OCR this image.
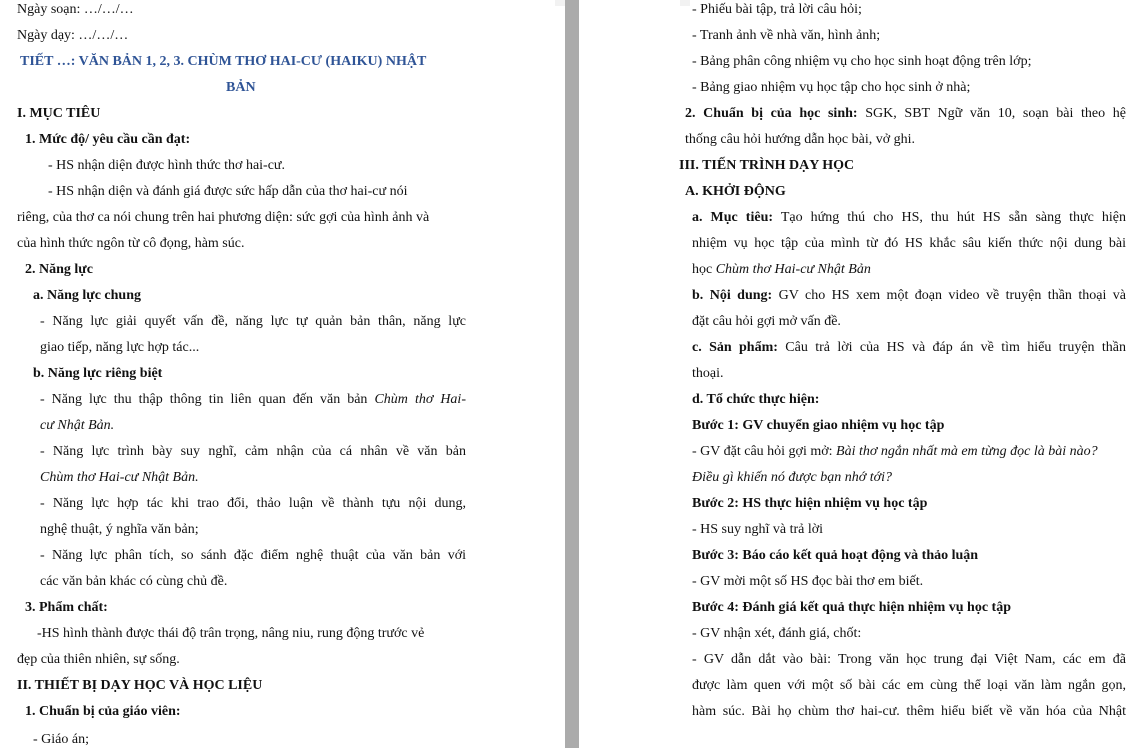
Ngày soạn: …/…/…
Ngày dạy: …/…/…
TIẾT …: VĂN BẢN 1, 2, 3. CHÙM THƠ HAI-CƯ (HAIKU) NHẬT
BẢN
I. MỤC TIÊU
1. Mức độ/ yêu cầu cần đạt:
- HS nhận diện được hình thức thơ hai-cư.
- HS nhận diện và đánh giá được sức hấp dẫn của thơ hai-cư nói
riêng, của thơ ca nói chung trên hai phương diện: sức gợi của hình ảnh và
của hình thức ngôn từ cô đọng, hàm súc.
2. Năng lực
a. Năng lực chung
- Năng lực giải quyết vấn đề, năng lực tự quản bản thân, năng lực
giao tiếp, năng lực hợp tác...
b. Năng lực riêng biệt
- Năng lực thu thập thông tin liên quan đến văn bản Chùm thơ Hai-
cư Nhật Bản.
- Năng lực trình bày suy nghĩ, cảm nhận của cá nhân về văn bản
Chùm thơ Hai-cư Nhật Bản.
- Năng lực hợp tác khi trao đổi, thảo luận về thành tựu nội dung,
nghệ thuật, ý nghĩa văn bản;
- Năng lực phân tích, so sánh đặc điểm nghệ thuật của văn bản với
các văn bản khác có cùng chủ đề.
3. Phẩm chất:
-HS hình thành được thái độ trân trọng, nâng niu, rung động trước vẻ
đẹp của thiên nhiên, sự sống.
II. THIẾT BỊ DẠY HỌC VÀ HỌC LIỆU
1. Chuẩn bị của giáo viên:
- Giáo án;
- Phiếu bài tập, trả lời câu hỏi;
- Tranh ảnh về nhà văn, hình ảnh;
- Bảng phân công nhiệm vụ cho học sinh hoạt động trên lớp;
- Bảng giao nhiệm vụ học tập cho học sinh ở nhà;
2. Chuẩn bị của học sinh: SGK, SBT Ngữ văn 10, soạn bài theo hệ
thống câu hỏi hướng dẫn học bài, vở ghi.
III. TIẾN TRÌNH DẠY HỌC
A. KHỞI ĐỘNG
a. Mục tiêu: Tạo hứng thú cho HS, thu hút HS sẵn sàng thực hiện
nhiệm vụ học tập của mình từ đó HS khắc sâu kiến thức nội dung bài
học Chùm thơ Hai-cư Nhật Bản
b. Nội dung: GV cho HS xem một đoạn video về truyện thần thoại và
đặt câu hỏi gợi mở vấn đề.
c. Sản phẩm: Câu trả lời của HS và đáp án về tìm hiểu truyện thần
thoại.
d. Tổ chức thực hiện:
Bước 1: GV chuyển giao nhiệm vụ học tập
- GV đặt câu hỏi gợi mở: Bài thơ ngắn nhất mà em từng đọc là bài nào?
Điều gì khiến nó được bạn nhớ tới?
Bước 2: HS thực hiện nhiệm vụ học tập
- HS suy nghĩ và trả lời
Bước 3: Báo cáo kết quả hoạt động và thảo luận
- GV mời một số HS đọc bài thơ em biết.
Bước 4: Đánh giá kết quả thực hiện nhiệm vụ học tập
- GV nhận xét, đánh giá, chốt:
- GV dẫn dắt vào bài: Trong văn học trung đại Việt Nam, các em đã
được làm quen với một số bài các em cùng thể loại văn làm ngắn gọn,
hàm súc. Bài họ chùm thơ hai-cư. thêm hiểu biết về văn hóa của Nhật
